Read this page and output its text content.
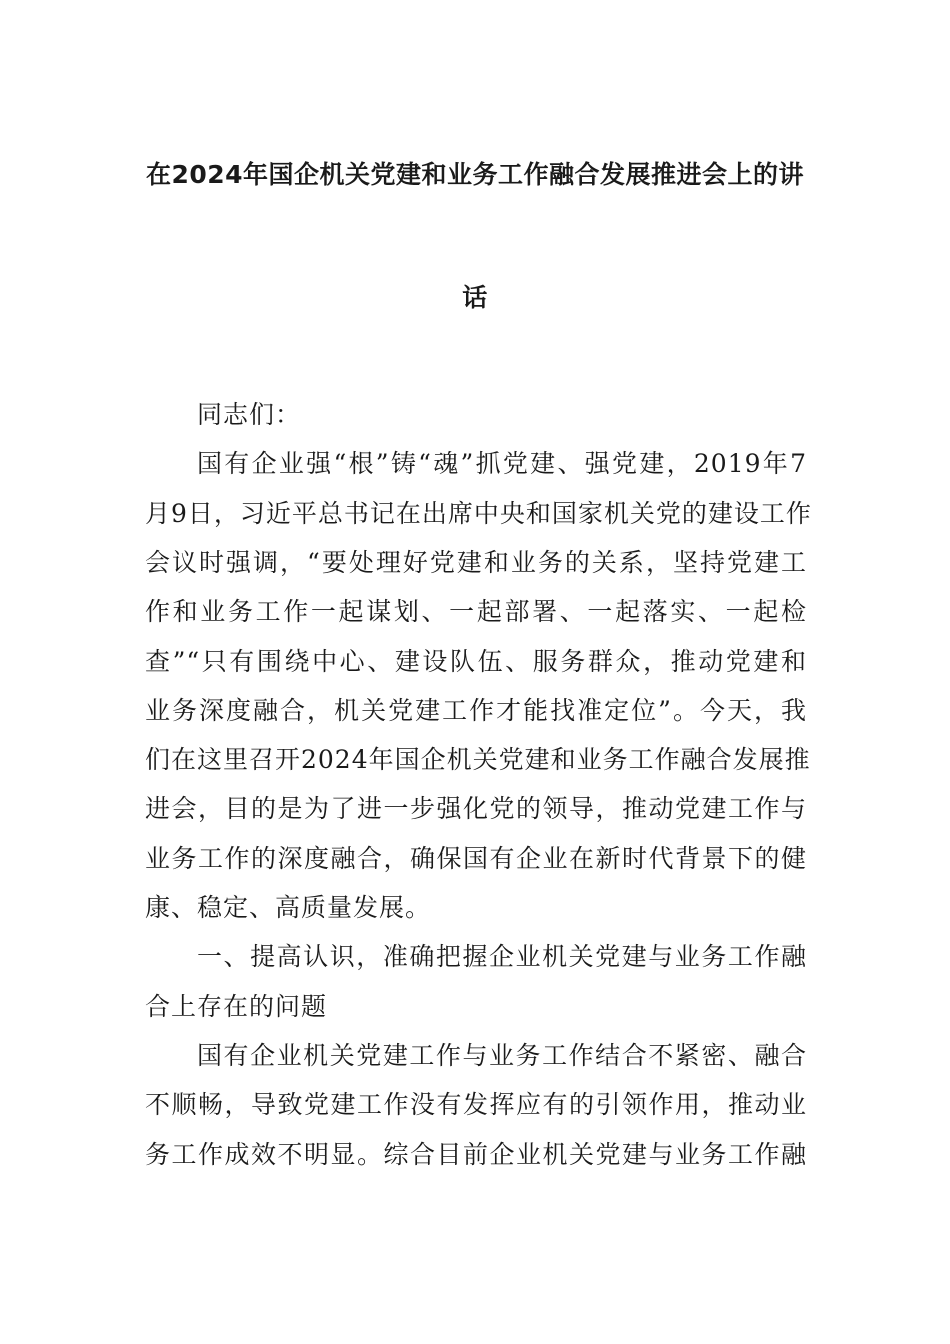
在2024年国企机关党建和业务工作融合发展推进会上的讲
话
同志们：
国有企业强“根”铸“魂”抓党建、强党建，2019年7
月9日，习近平总书记在出席中央和国家机关党的建设工作
会议时强调，“要处理好党建和业务的关系，坚持党建工
作和业务工作一起谋划、一起部署、一起落实、一起检
查”“只有围绕中心、建设队伍、服务群众，推动党建和
业务深度融合，机关党建工作才能找准定位”。今天，我
们在这里召开2024年国企机关党建和业务工作融合发展推
进会，目的是为了进一步强化党的领导，推动党建工作与
业务工作的深度融合，确保国有企业在新时代背景下的健
康、稳定、高质量发展。
一、提高认识，准确把握企业机关党建与业务工作融
合上存在的问题
国有企业机关党建工作与业务工作结合不紧密、融合
不顺畅，导致党建工作没有发挥应有的引领作用，推动业
务工作成效不明显。综合目前企业机关党建与业务工作融
